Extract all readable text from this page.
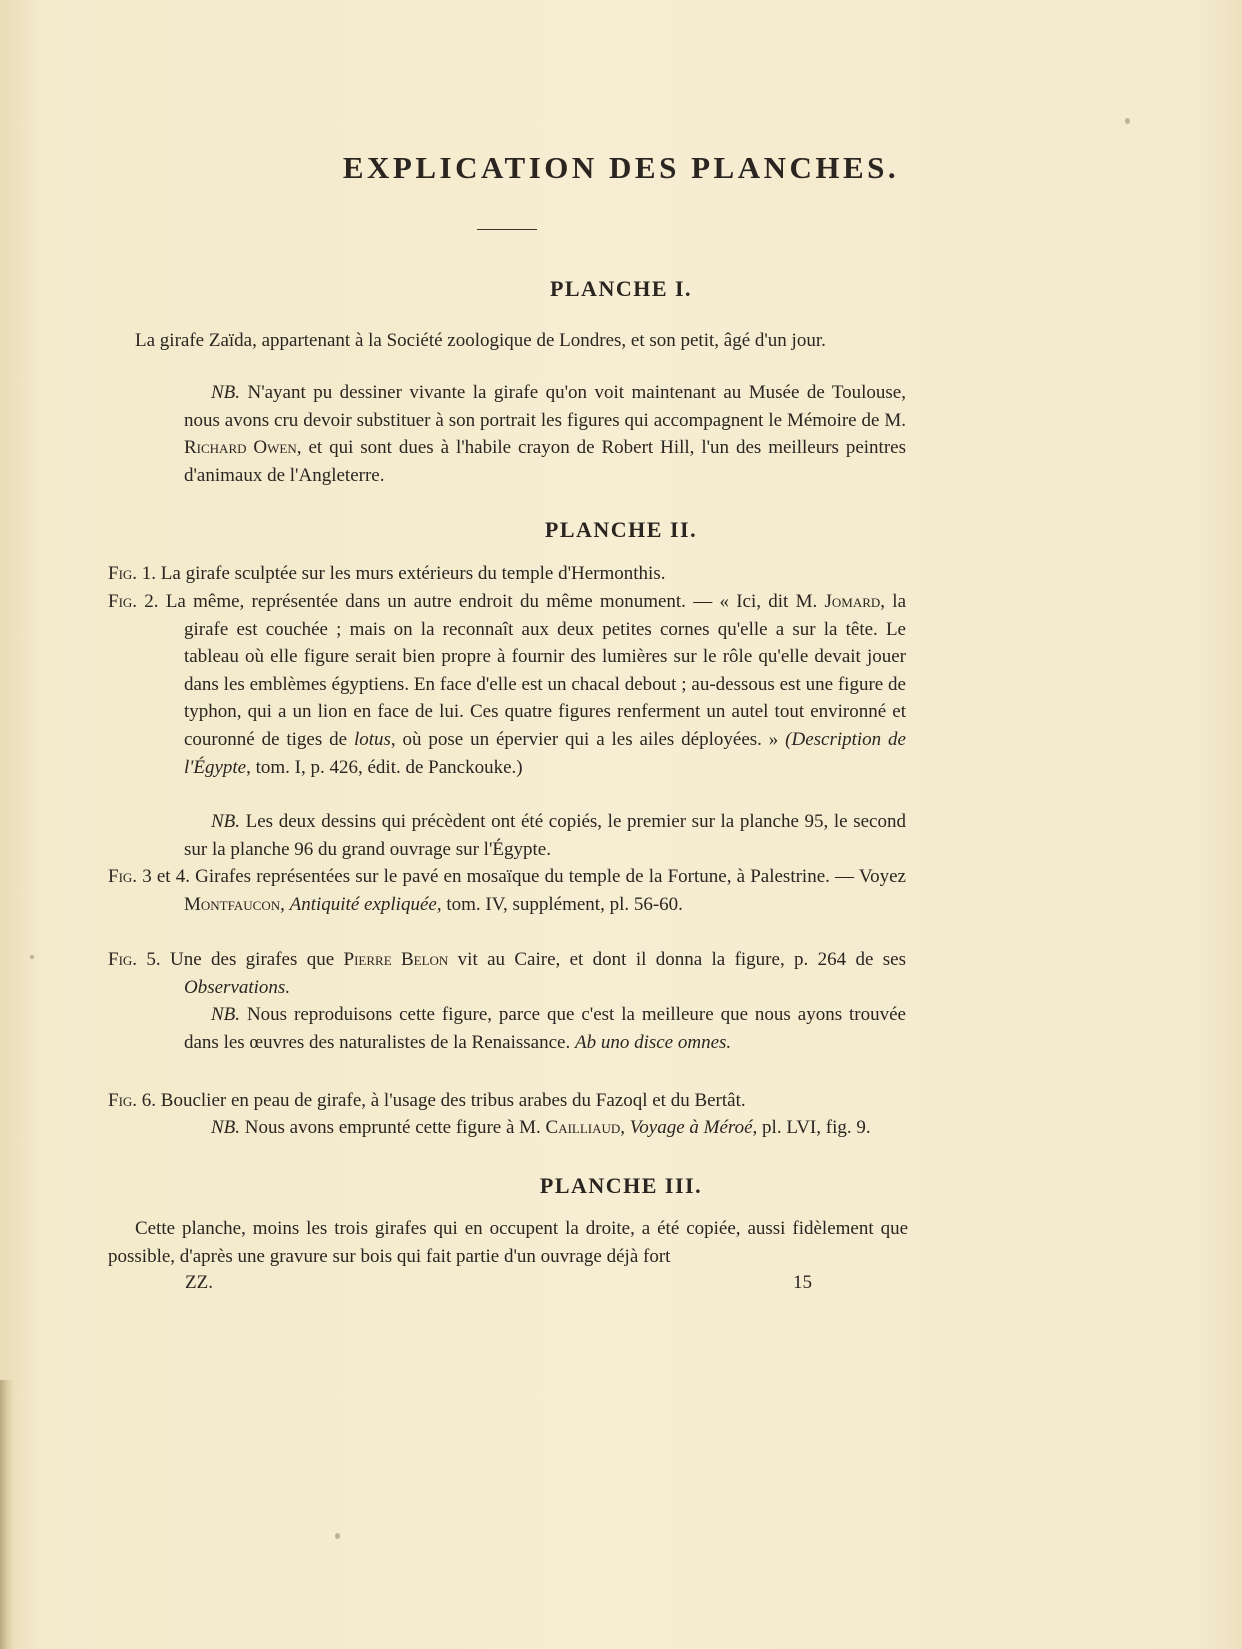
EXPLICATION DES PLANCHES.
PLANCHE I.

La girafe Zaïda, appartenant à la Société zoologique de Londres, et son petit, âgé d'un jour.

NB. N'ayant pu dessiner vivante la girafe qu'on voit maintenant au Musée de Toulouse, nous avons cru devoir substituer à son portrait les figures qui accompagnent le Mémoire de M. Richard Owen, et qui sont dues à l'habile crayon de Robert Hill, l'un des meilleurs peintres d'animaux de l'Angleterre.

PLANCHE II.

Fig. 1. La girafe sculptée sur les murs extérieurs du temple d'Hermonthis.

Fig. 2. La même, représentée dans un autre endroit du même monument. — « Ici, dit M. Jomard, la girafe est couchée ; mais on la reconnaît aux deux petites cornes qu'elle a sur la tête. Le tableau où elle figure serait bien propre à fournir des lumières sur le rôle qu'elle devait jouer dans les emblèmes égyptiens. En face d'elle est un chacal debout ; au-dessous est une figure de typhon, qui a un lion en face de lui. Ces quatre figures renferment un autel tout environné et couronné de tiges de lotus, où pose un épervier qui a les ailes déployées. » (Description de l'Égypte, tom. I, p. 426, édit. de Panckouke.)

NB. Les deux dessins qui précèdent ont été copiés, le premier sur la planche 95, le second sur la planche 96 du grand ouvrage sur l'Égypte.

Fig. 3 et 4. Girafes représentées sur le pavé en mosaïque du temple de la Fortune, à Palestrine. — Voyez Montfaucon, Antiquité expliquée, tom. IV, supplément, pl. 56-60.

Fig. 5. Une des girafes que Pierre Belon vit au Caire, et dont il donna la figure, p. 264 de ses Observations.

NB. Nous reproduisons cette figure, parce que c'est la meilleure que nous ayons trouvée dans les œuvres des naturalistes de la Renaissance. Ab uno disce omnes.

Fig. 6. Bouclier en peau de girafe, à l'usage des tribus arabes du Fazoql et du Bertât.

NB. Nous avons emprunté cette figure à M. Cailliaud, Voyage à Méroé, pl. LVI, fig. 9.

PLANCHE III.

Cette planche, moins les trois girafes qui en occupent la droite, a été copiée, aussi fidèlement que possible, d'après une gravure sur bois qui fait partie d'un ouvrage déjà fort

ZZ.	15
